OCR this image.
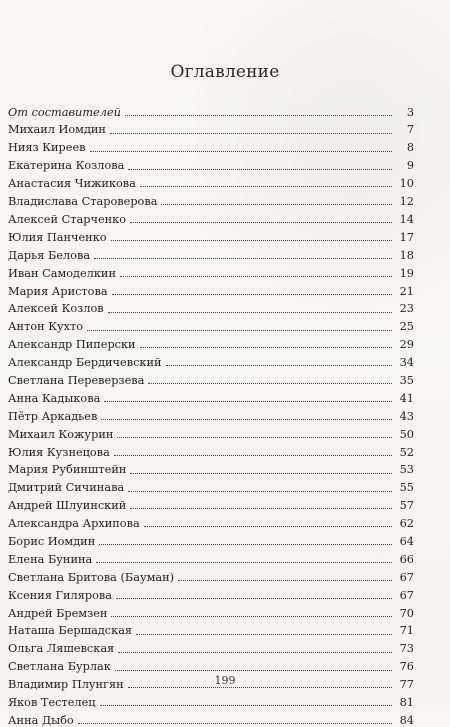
Оглавление
От составителей	3
Михаил Иомдин	7
Нияз Киреев	8
Екатерина Козлова	9
Анастасия Чижикова	10
Владислава Староверова	12
Алексей Старченко	14
Юлия Панченко	17
Дарья Белова	18
Иван Самоделкин	19
Мария Аристова	21
Алексей Козлов	23
Антон Кухто	25
Александр Пиперски	29
Александр Бердичевский	34
Светлана Переверзева	35
Анна Кадыкова	41
Пётр Аркадьев	43
Михаил Кожурин	50
Юлия Кузнецова	52
Мария Рубинштейн	53
Дмитрий Сичинава	55
Андрей Шлуинский	57
Александра Архипова	62
Борис Иомдин	64
Елена Бунина	66
Светлана Бритова (Бауман)	67
Ксения Гилярова	67
Андрей Бремзен	70
Наташа Бершадская	71
Ольга Ляшевская	73
Светлана Бурлак	76
Владимир Плунгян	77
Яков Тестелец	81
Анна Дыбо	84
199
